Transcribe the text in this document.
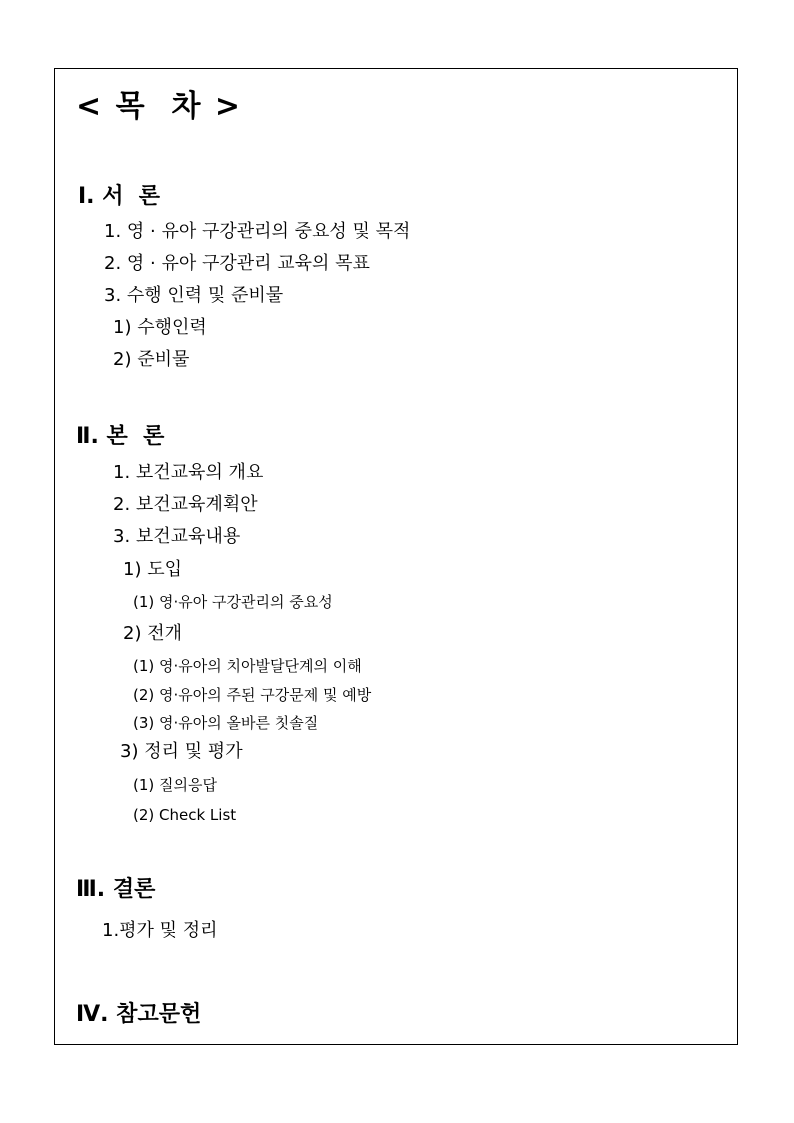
< 목  차 >
Ⅰ. 서  론
1. 영 · 유아 구강관리의 중요성 및 목적
2. 영 · 유아 구강관리 교육의 목표
3. 수행 인력 및 준비물
1) 수행인력
2) 준비물
Ⅱ. 본  론
1. 보건교육의 개요
2. 보건교육계획안
3. 보건교육내용
1) 도입
(1) 영·유아 구강관리의 중요성
2) 전개
(1) 영·유아의 치아발달단계의 이해
(2) 영·유아의 주된 구강문제 및 예방
(3) 영·유아의 올바른 칫솔질
3) 정리 및 평가
(1) 질의응답
(2) Check List
Ⅲ. 결론
1.평가 및 정리
Ⅳ. 참고문헌
